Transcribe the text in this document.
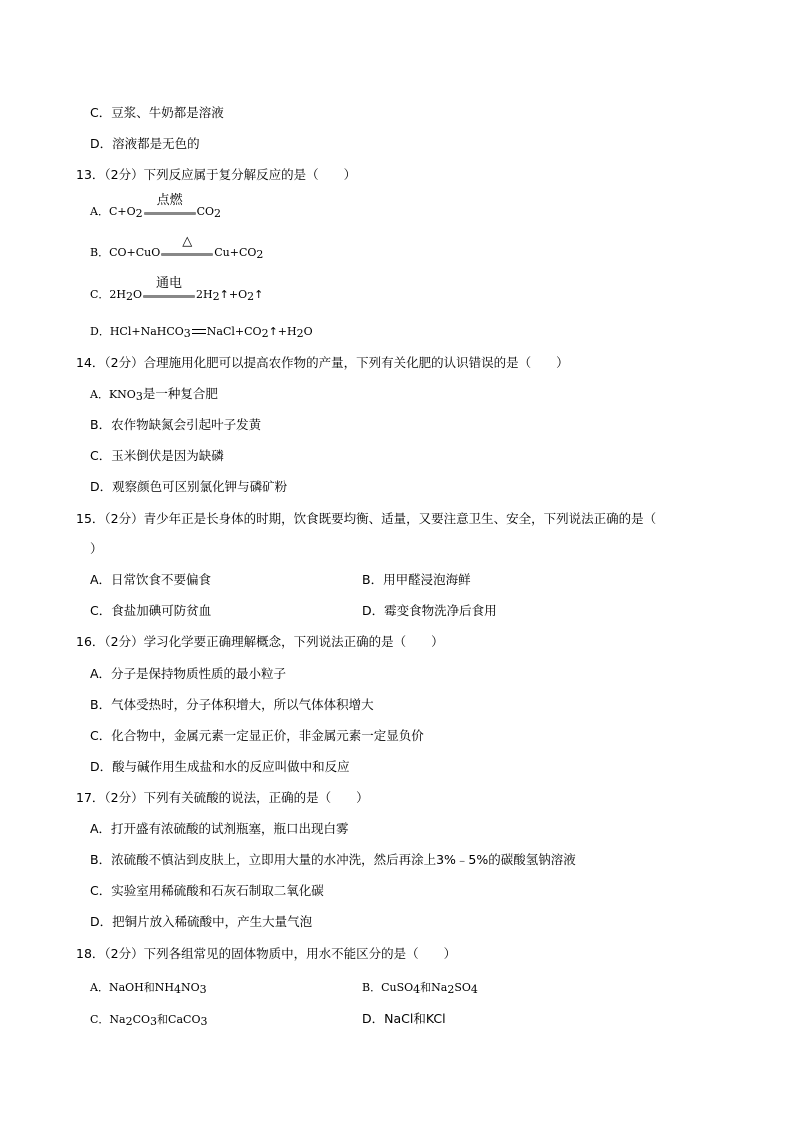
C．豆浆、牛奶都是溶液
D．溶液都是无色的
13．（2分）下列反应属于复分解反应的是（　　）
A．$C+O_2$
点燃
$CO_2$
B．CO+CuO
△
$Cu+CO_2$
C．$2H_2O$
通电
$2H_2↑+O_2↑$
D．HCl+NaHCO$_3$ $NaCl+CO_2↑+H_2O$
14．（2分）合理施用化肥可以提高农作物的产量，下列有关化肥的认识错误的是（　　）
A．$KNO_3$是一种复合肥
B．农作物缺氮会引起叶子发黄
C．玉米倒伏是因为缺磷
D．观察颜色可区别氯化钾与磷矿粉
15．（2分）青少年正是长身体的时期，饮食既要均衡、适量，又要注意卫生、安全，下列说法正确的是（
）
A．日常饮食不要偏食	B．用甲醛浸泡海鲜
C．食盐加碘可防贫血	D．霉变食物洗净后食用
16．（2分）学习化学要正确理解概念，下列说法正确的是（　　）
A．分子是保持物质性质的最小粒子
B．气体受热时，分子体积增大，所以气体体积增大
C．化合物中，金属元素一定显正价，非金属元素一定显负价
D．酸与碱作用生成盐和水的反应叫做中和反应
17．（2分）下列有关硫酸的说法，正确的是（　　）
A．打开盛有浓硫酸的试剂瓶塞，瓶口出现白雾
B．浓硫酸不慎沾到皮肤上，立即用大量的水冲洗，然后再涂上3%﹣5%的碳酸氢钠溶液
C．实验室用稀硫酸和石灰石制取二氧化碳
D．把铜片放入稀硫酸中，产生大量气泡
18．（2分）下列各组常见的固体物质中，用水不能区分的是（　　）
A．NaOH和$NH_4NO_3$	B．CuSO$_4$和$Na_2SO_4$
C．$Na_2CO_3$和CaCO$_3$	D．NaCl和KCl
